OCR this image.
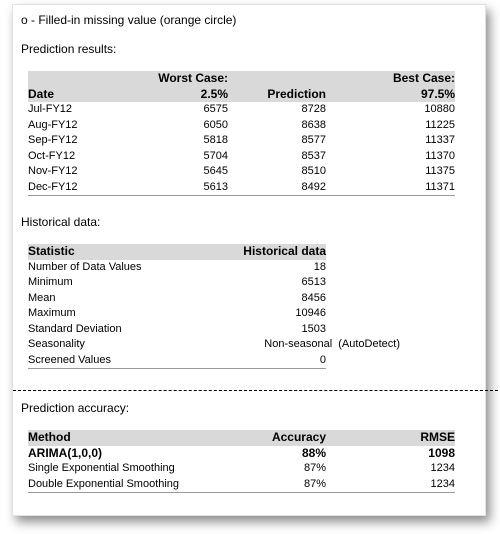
o - Filled-in missing value (orange circle)
Prediction results:
	Worst Case:		Best Case:
Date	2.5%	Prediction	97.5%
Jul-FY12	6575	8728	10880
Aug-FY12	6050	8638	11225
Sep-FY12	5818	8577	11337
Oct-FY12	5704	8537	11370
Nov-FY12	5645	8510	11375
Dec-FY12	5613	8492	11371
Historical data:
Statistic	Historical data
Number of Data Values	18
Minimum	6513
Mean	8456
Maximum	10946
Standard Deviation	1503
Seasonality	Non-seasonal  (AutoDetect)
Screened Values	0
Prediction accuracy:
Method	Accuracy	RMSE
ARIMA(1,0,0)	88%	1098
Single Exponential Smoothing	87%	1234
Double Exponential Smoothing	87%	1234
